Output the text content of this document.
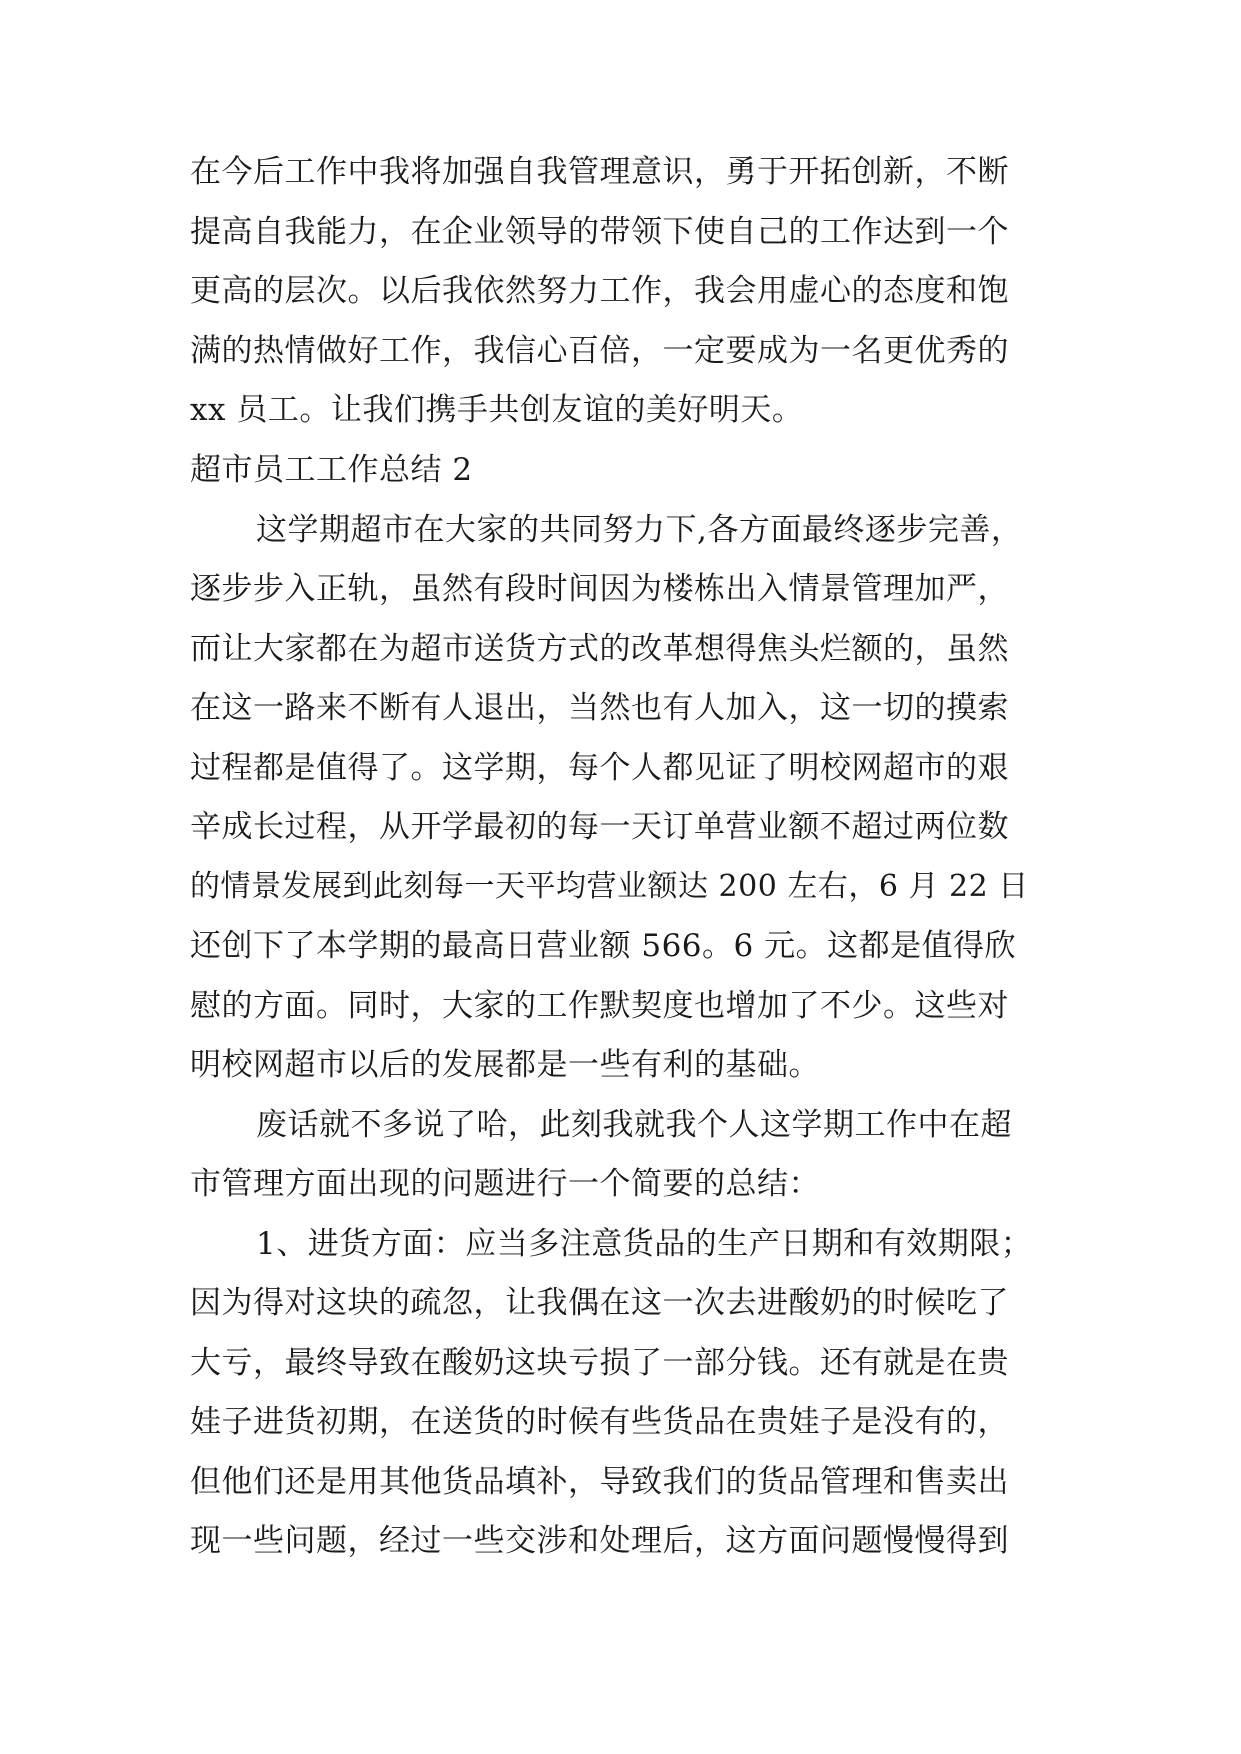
在今后工作中我将加强自我管理意识，勇于开拓创新，不断
提高自我能力，在企业领导的带领下使自己的工作达到一个
更高的层次。以后我依然努力工作，我会用虚心的态度和饱
满的热情做好工作，我信心百倍，一定要成为一名更优秀的
xx 员工。让我们携手共创友谊的美好明天。
超市员工工作总结 2
这学期超市在大家的共同努力下,各方面最终逐步完善，
逐步步入正轨，虽然有段时间因为楼栋出入情景管理加严，
而让大家都在为超市送货方式的改革想得焦头烂额的，虽然
在这一路来不断有人退出，当然也有人加入，这一切的摸索
过程都是值得了。这学期，每个人都见证了明校网超市的艰
辛成长过程，从开学最初的每一天订单营业额不超过两位数
的情景发展到此刻每一天平均营业额达 200 左右，6 月 22 日
还创下了本学期的最高日营业额 566。6 元。这都是值得欣
慰的方面。同时，大家的工作默契度也增加了不少。这些对
明校网超市以后的发展都是一些有利的基础。
废话就不多说了哈，此刻我就我个人这学期工作中在超
市管理方面出现的问题进行一个简要的总结：
1、进货方面：应当多注意货品的生产日期和有效期限；
因为得对这块的疏忽，让我偶在这一次去进酸奶的时候吃了
大亏，最终导致在酸奶这块亏损了一部分钱。还有就是在贵
娃子进货初期，在送货的时候有些货品在贵娃子是没有的，
但他们还是用其他货品填补，导致我们的货品管理和售卖出
现一些问题，经过一些交涉和处理后，这方面问题慢慢得到
